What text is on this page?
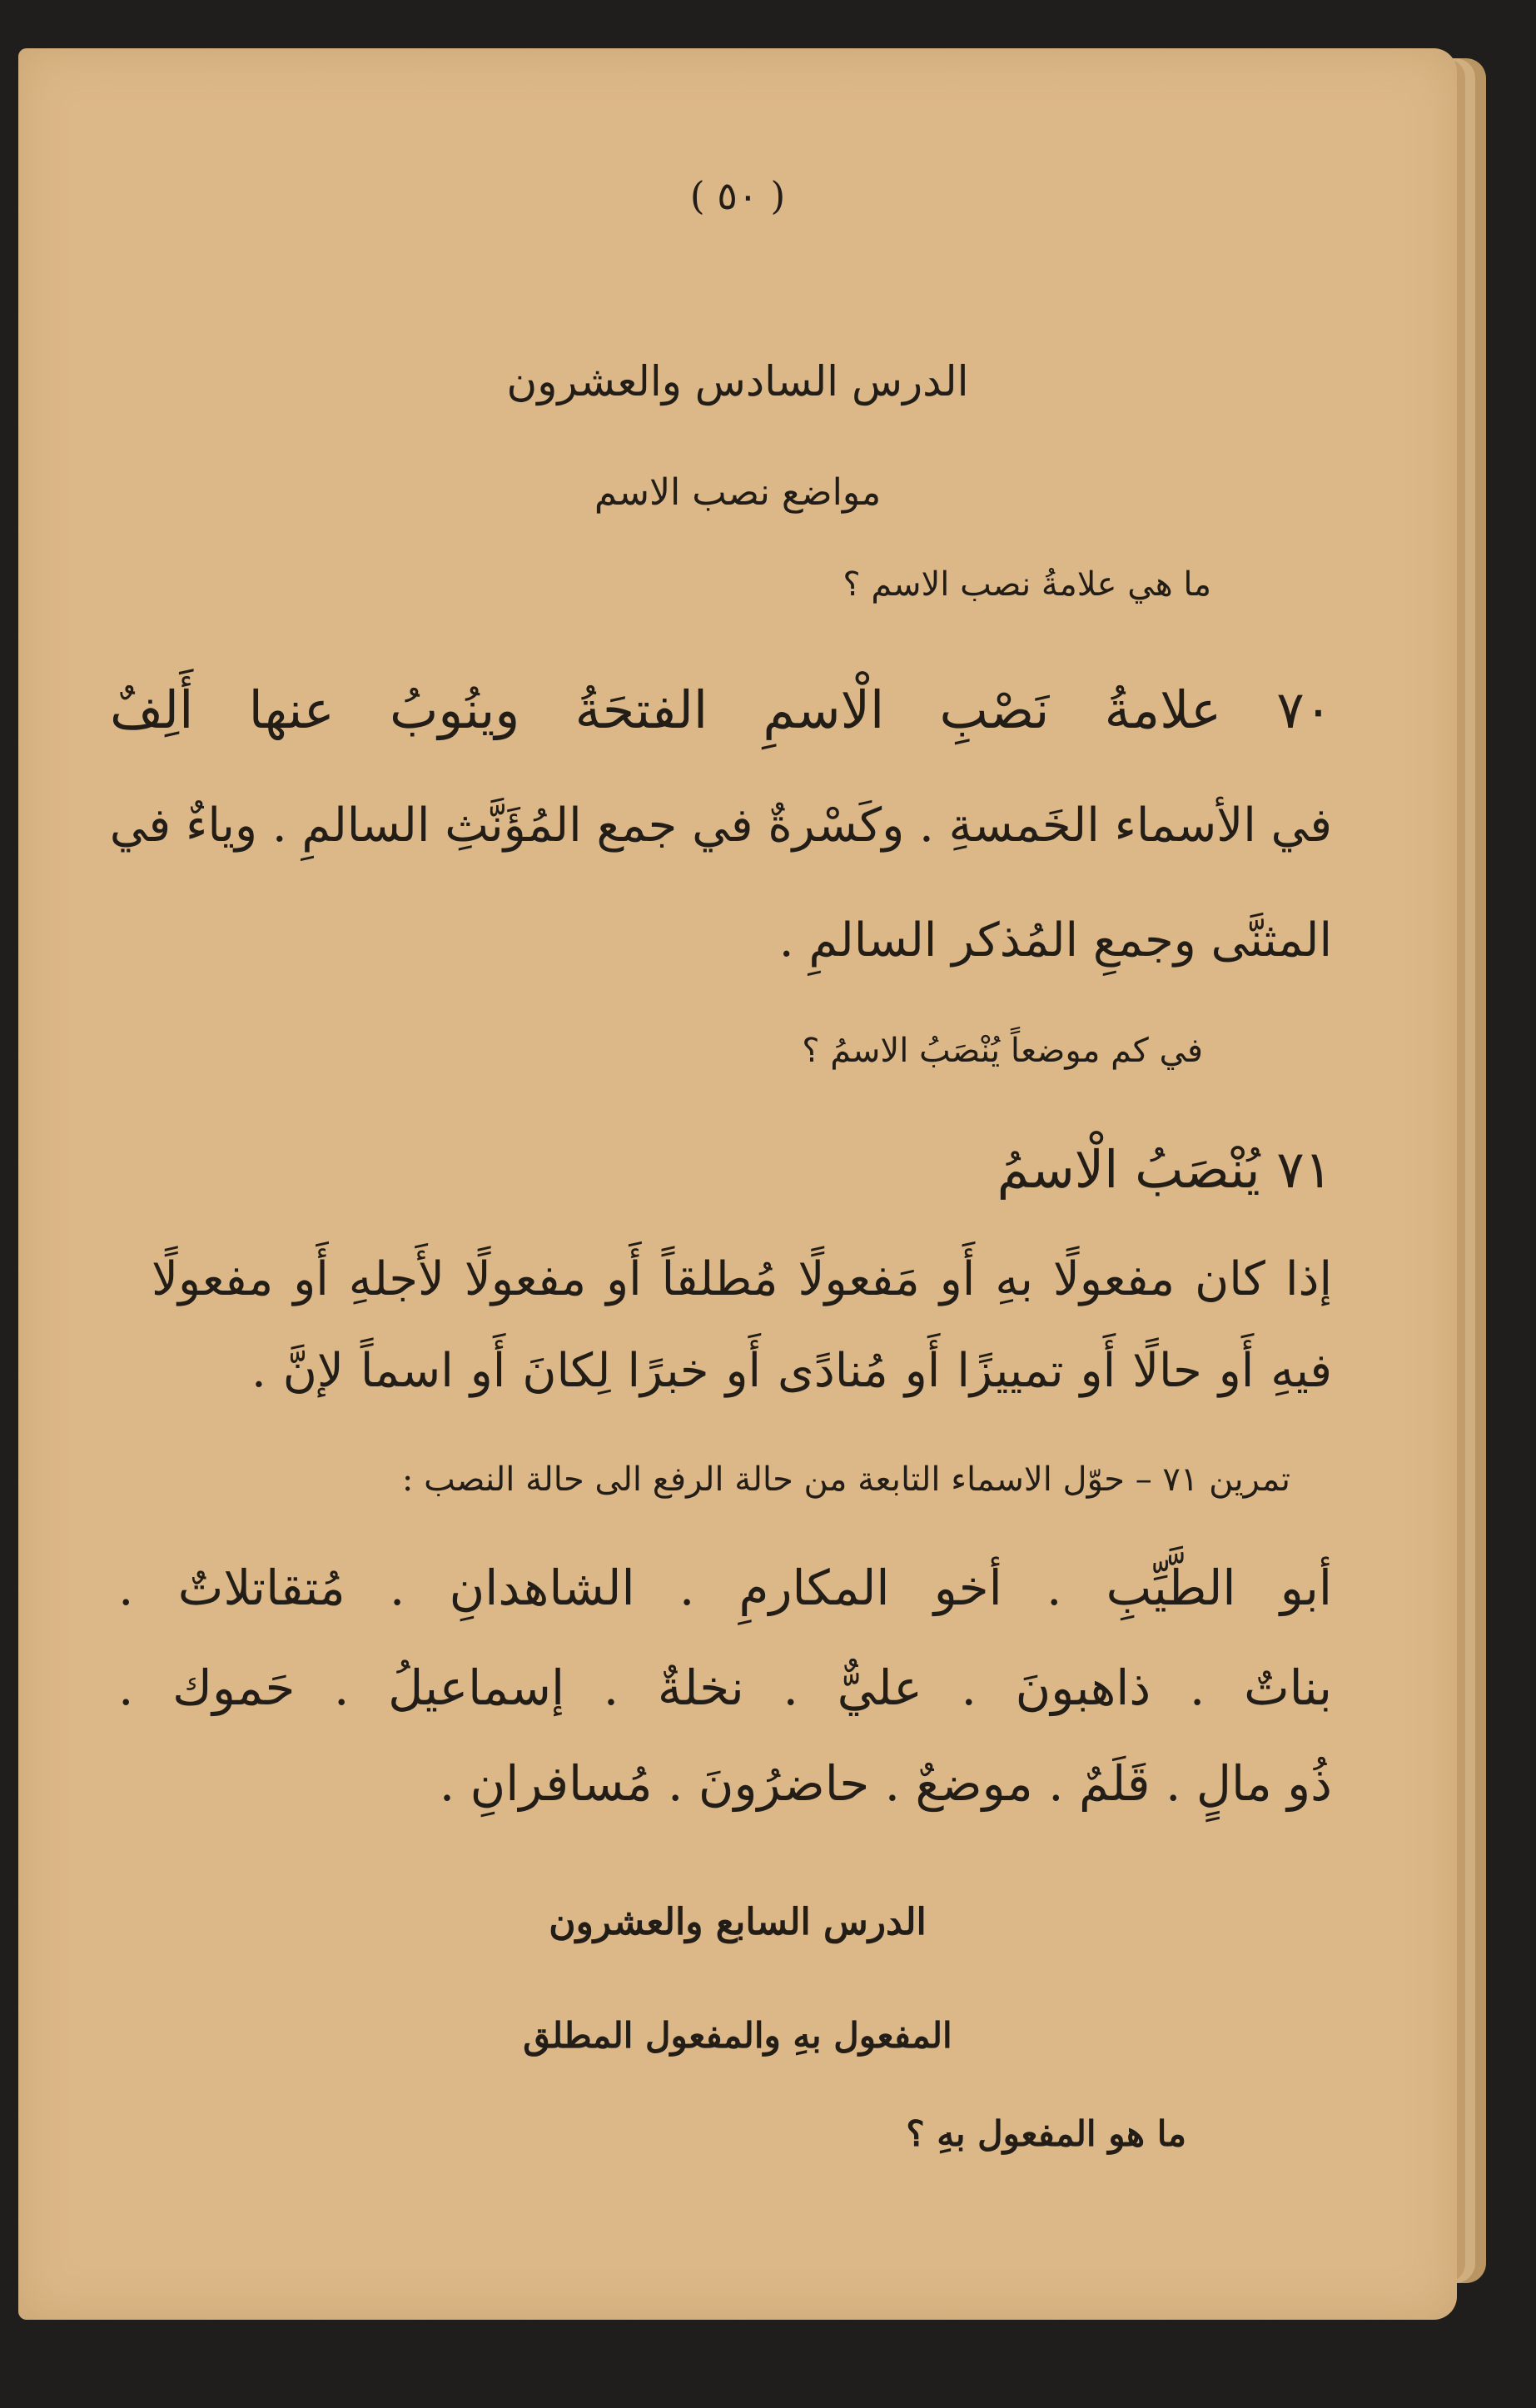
( ٥٠ )
الدرس السادس والعشرون
مواضع نصب الاسم
ما هي علامةُ نصب الاسم ؟
٧٠ علامةُ نَصْبِ الْاسمِ الفتحَةُ وينُوبُ عنها أَلِفٌ
في الأسماء الخَمسةِ . وكَسْرةٌ في جمع المُؤَنَّثِ السالمِ . وياءٌ في
المثنَّى وجمعِ المُذكر السالمِ .
في كم موضعاً يُنْصَبُ الاسمُ ؟
٧١ يُنْصَبُ الْاسمُ
إذا كان مفعولًا بهِ أَو مَفعولًا مُطلقاً أَو مفعولًا لأَجلهِ أَو مفعولًا
فيهِ أَو حالًا أَو تمييزًا أَو مُنادًى أَو خبرًا لِكانَ أَو اسماً لإنَّ .
تمرين ٧١ – حوّل الاسماء التابعة من حالة الرفع الى حالة النصب :
أبو الطَّيِّبِ . أخو المكارمِ . الشاهدانِ . مُتقاتلاتٌ .
بناتٌ . ذاهبونَ . عليٌّ . نخلةٌ . إسماعيلُ . حَموك .
ذُو مالٍ . قَلَمٌ . موضعٌ . حاضرُونَ . مُسافرانِ .
الدرس السابع والعشرون
المفعول بهِ والمفعول المطلق
ما هو المفعول بهِ ؟
